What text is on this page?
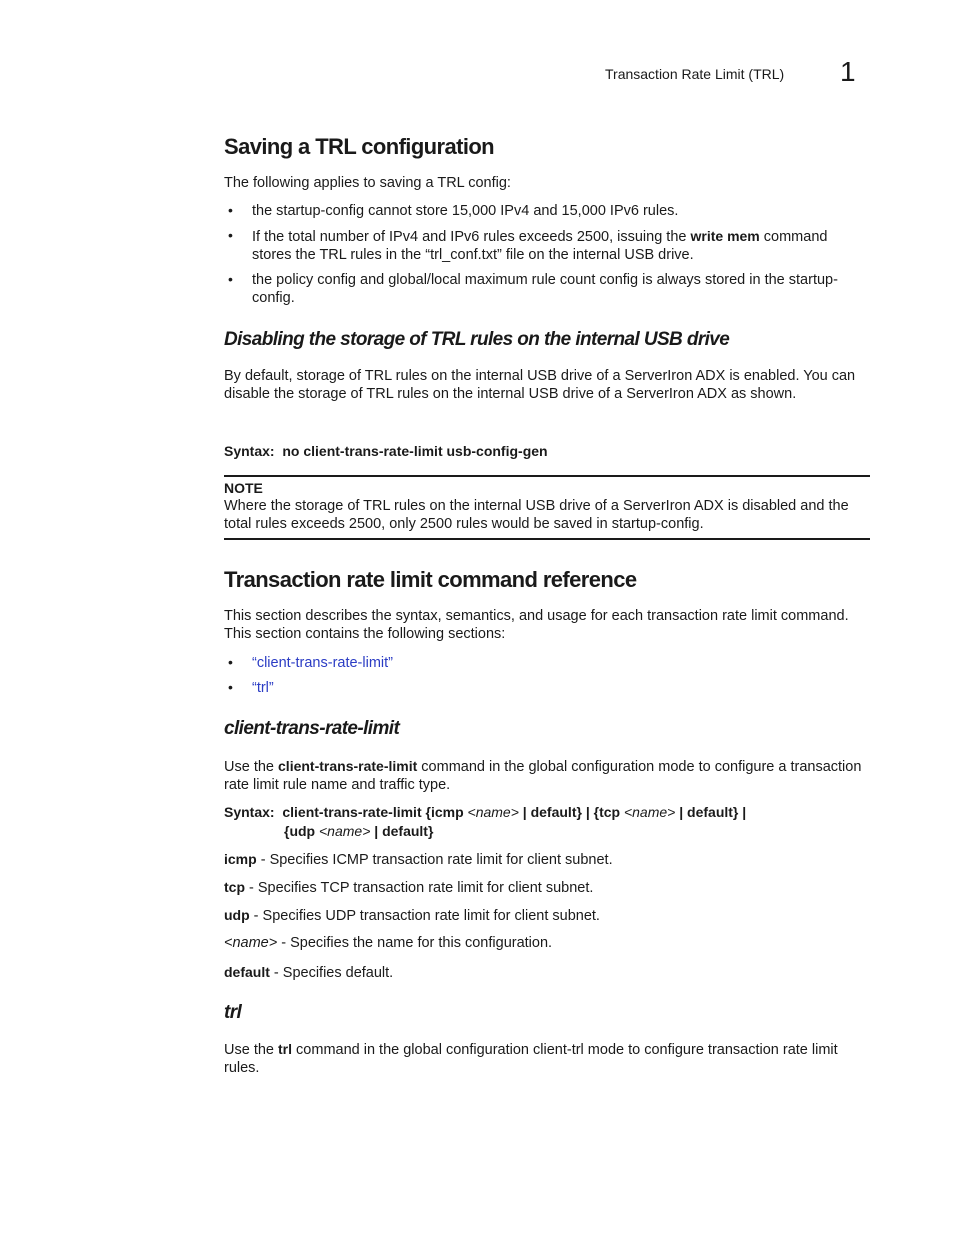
Transaction Rate Limit (TRL) 1
Saving a TRL configuration
The following applies to saving a TRL config:
• the startup-config cannot store 15,000 IPv4 and 15,000 IPv6 rules.
• If the total number of IPv4 and IPv6 rules exceeds 2500, issuing the write mem command stores the TRL rules in the “trl_conf.txt” file on the internal USB drive.
• the policy config and global/local maximum rule count config is always stored in the startup-config.
Disabling the storage of TRL rules on the internal USB drive
By default, storage of TRL rules on the internal USB drive of a ServerIron ADX is enabled. You can disable the storage of TRL rules on the internal USB drive of a ServerIron ADX as shown.
Syntax: no client-trans-rate-limit usb-config-gen
NOTE
Where the storage of TRL rules on the internal USB drive of a ServerIron ADX is disabled and the total rules exceeds 2500, only 2500 rules would be saved in startup-config.
Transaction rate limit command reference
This section describes the syntax, semantics, and usage for each transaction rate limit command. This section contains the following sections:
• “client-trans-rate-limit”
• “trl”
client-trans-rate-limit
Use the client-trans-rate-limit command in the global configuration mode to configure a transaction rate limit rule name and traffic type.
Syntax: client-trans-rate-limit {icmp <name> | default} | {tcp <name> | default} |
{udp <name> | default}
icmp - Specifies ICMP transaction rate limit for client subnet.
tcp - Specifies TCP transaction rate limit for client subnet.
udp - Specifies UDP transaction rate limit for client subnet.
<name> - Specifies the name for this configuration.
default - Specifies default.
trl
Use the trl command in the global configuration client-trl mode to configure transaction rate limit rules.
